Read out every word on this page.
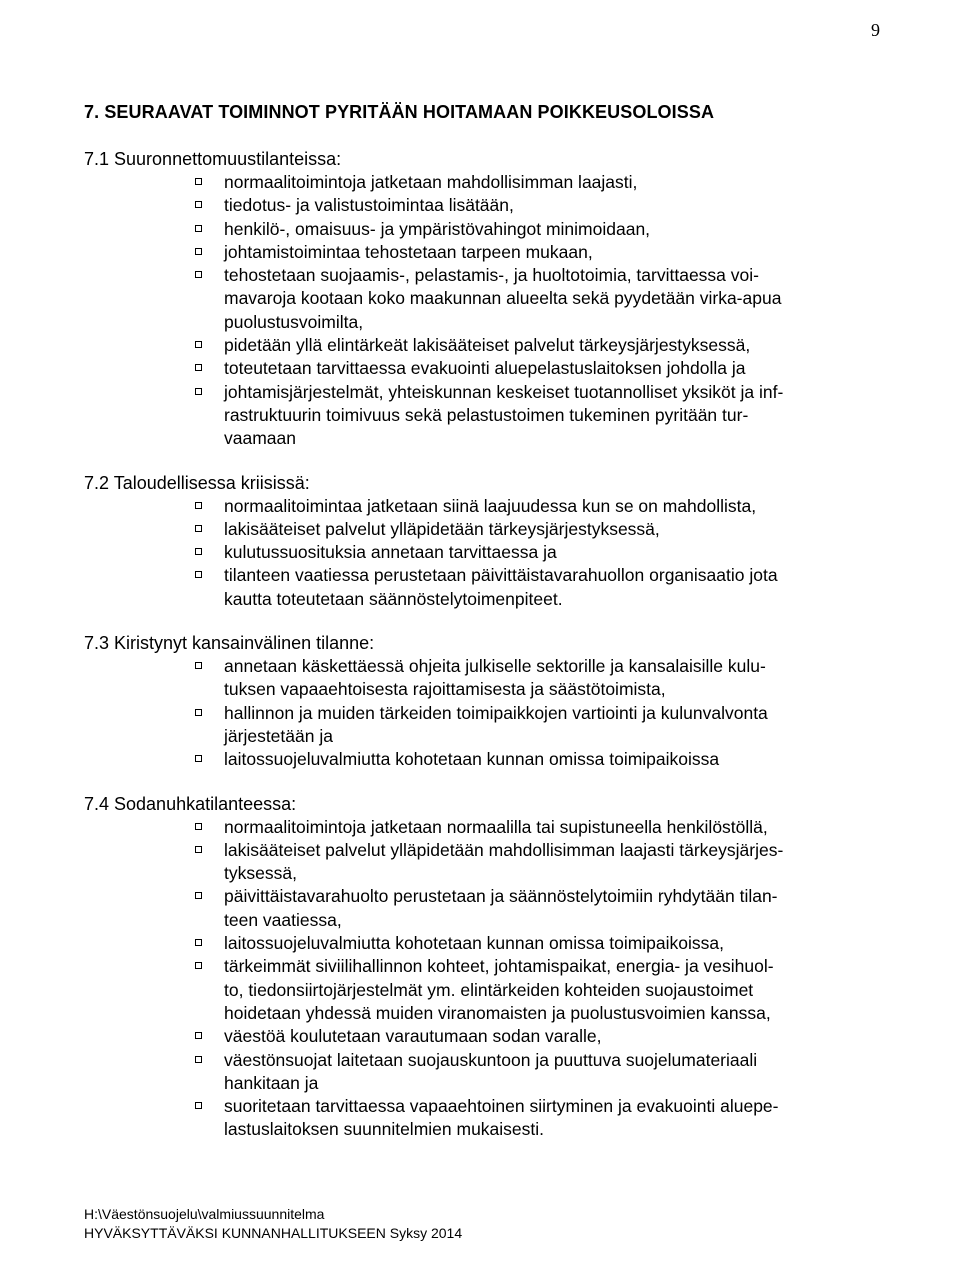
9
7. SEURAAVAT TOIMINNOT PYRITÄÄN HOITAMAAN POIKKEUSOLOISSA
7.1 Suuronnettomuustilanteissa:
normaalitoimintoja jatketaan mahdollisimman laajasti,
tiedotus- ja valistustoimintaa lisätään,
henkilö-, omaisuus- ja ympäristövahingot minimoidaan,
johtamistoimintaa tehostetaan tarpeen mukaan,
tehostetaan suojaamis-, pelastamis-, ja huoltotoimia, tarvittaessa voi-
mavaroja kootaan koko maakunnan alueelta sekä pyydetään virka-apua
puolustusvoimilta,
pidetään yllä elintärkeät lakisääteiset palvelut tärkeysjärjestyksessä,
toteutetaan tarvittaessa evakuointi aluepelastuslaitoksen johdolla ja
johtamisjärjestelmät, yhteiskunnan keskeiset tuotannolliset yksiköt ja inf-
rastruktuurin toimivuus sekä pelastustoimen tukeminen pyritään tur-
vaamaan
7.2 Taloudellisessa kriisissä:
normaalitoimintaa jatketaan siinä laajuudessa kun se on mahdollista,
lakisääteiset palvelut ylläpidetään tärkeysjärjestyksessä,
kulutussuosituksia annetaan tarvittaessa ja
tilanteen vaatiessa perustetaan päivittäistavarahuollon organisaatio jota
kautta toteutetaan säännöstelytoimenpiteet.
7.3 Kiristynyt kansainvälinen tilanne:
annetaan käskettäessä ohjeita julkiselle sektorille ja kansalaisille kulu-
tuksen vapaaehtoisesta rajoittamisesta ja säästötoimista,
hallinnon ja muiden tärkeiden toimipaikkojen vartiointi ja kulunvalvonta
järjestetään ja
laitossuojeluvalmiutta kohotetaan kunnan omissa toimipaikoissa
7.4 Sodanuhkatilanteessa:
normaalitoimintoja jatketaan normaalilla tai supistuneella henkilöstöllä,
lakisääteiset palvelut ylläpidetään mahdollisimman laajasti tärkeysjärjes-
tyksessä,
päivittäistavarahuolto perustetaan ja säännöstelytoimiin ryhdytään tilan-
teen vaatiessa,
laitossuojeluvalmiutta kohotetaan kunnan omissa toimipaikoissa,
tärkeimmät siviilihallinnon kohteet, johtamispaikat, energia- ja vesihuol-
to, tiedonsiirtojärjestelmät ym. elintärkeiden kohteiden suojaustoimet
hoidetaan yhdessä muiden viranomaisten ja puolustusvoimien kanssa,
väestöä koulutetaan varautumaan sodan varalle,
väestönsuojat laitetaan suojauskuntoon ja puuttuva suojelumateriaali
hankitaan ja
suoritetaan tarvittaessa vapaaehtoinen siirtyminen ja evakuointi aluepe-
lastuslaitoksen suunnitelmien mukaisesti.
H:\Väestönsuojelu\valmiussuunnitelma
HYVÄKSYTTÄVÄKSI KUNNANHALLITUKSEEN Syksy 2014
